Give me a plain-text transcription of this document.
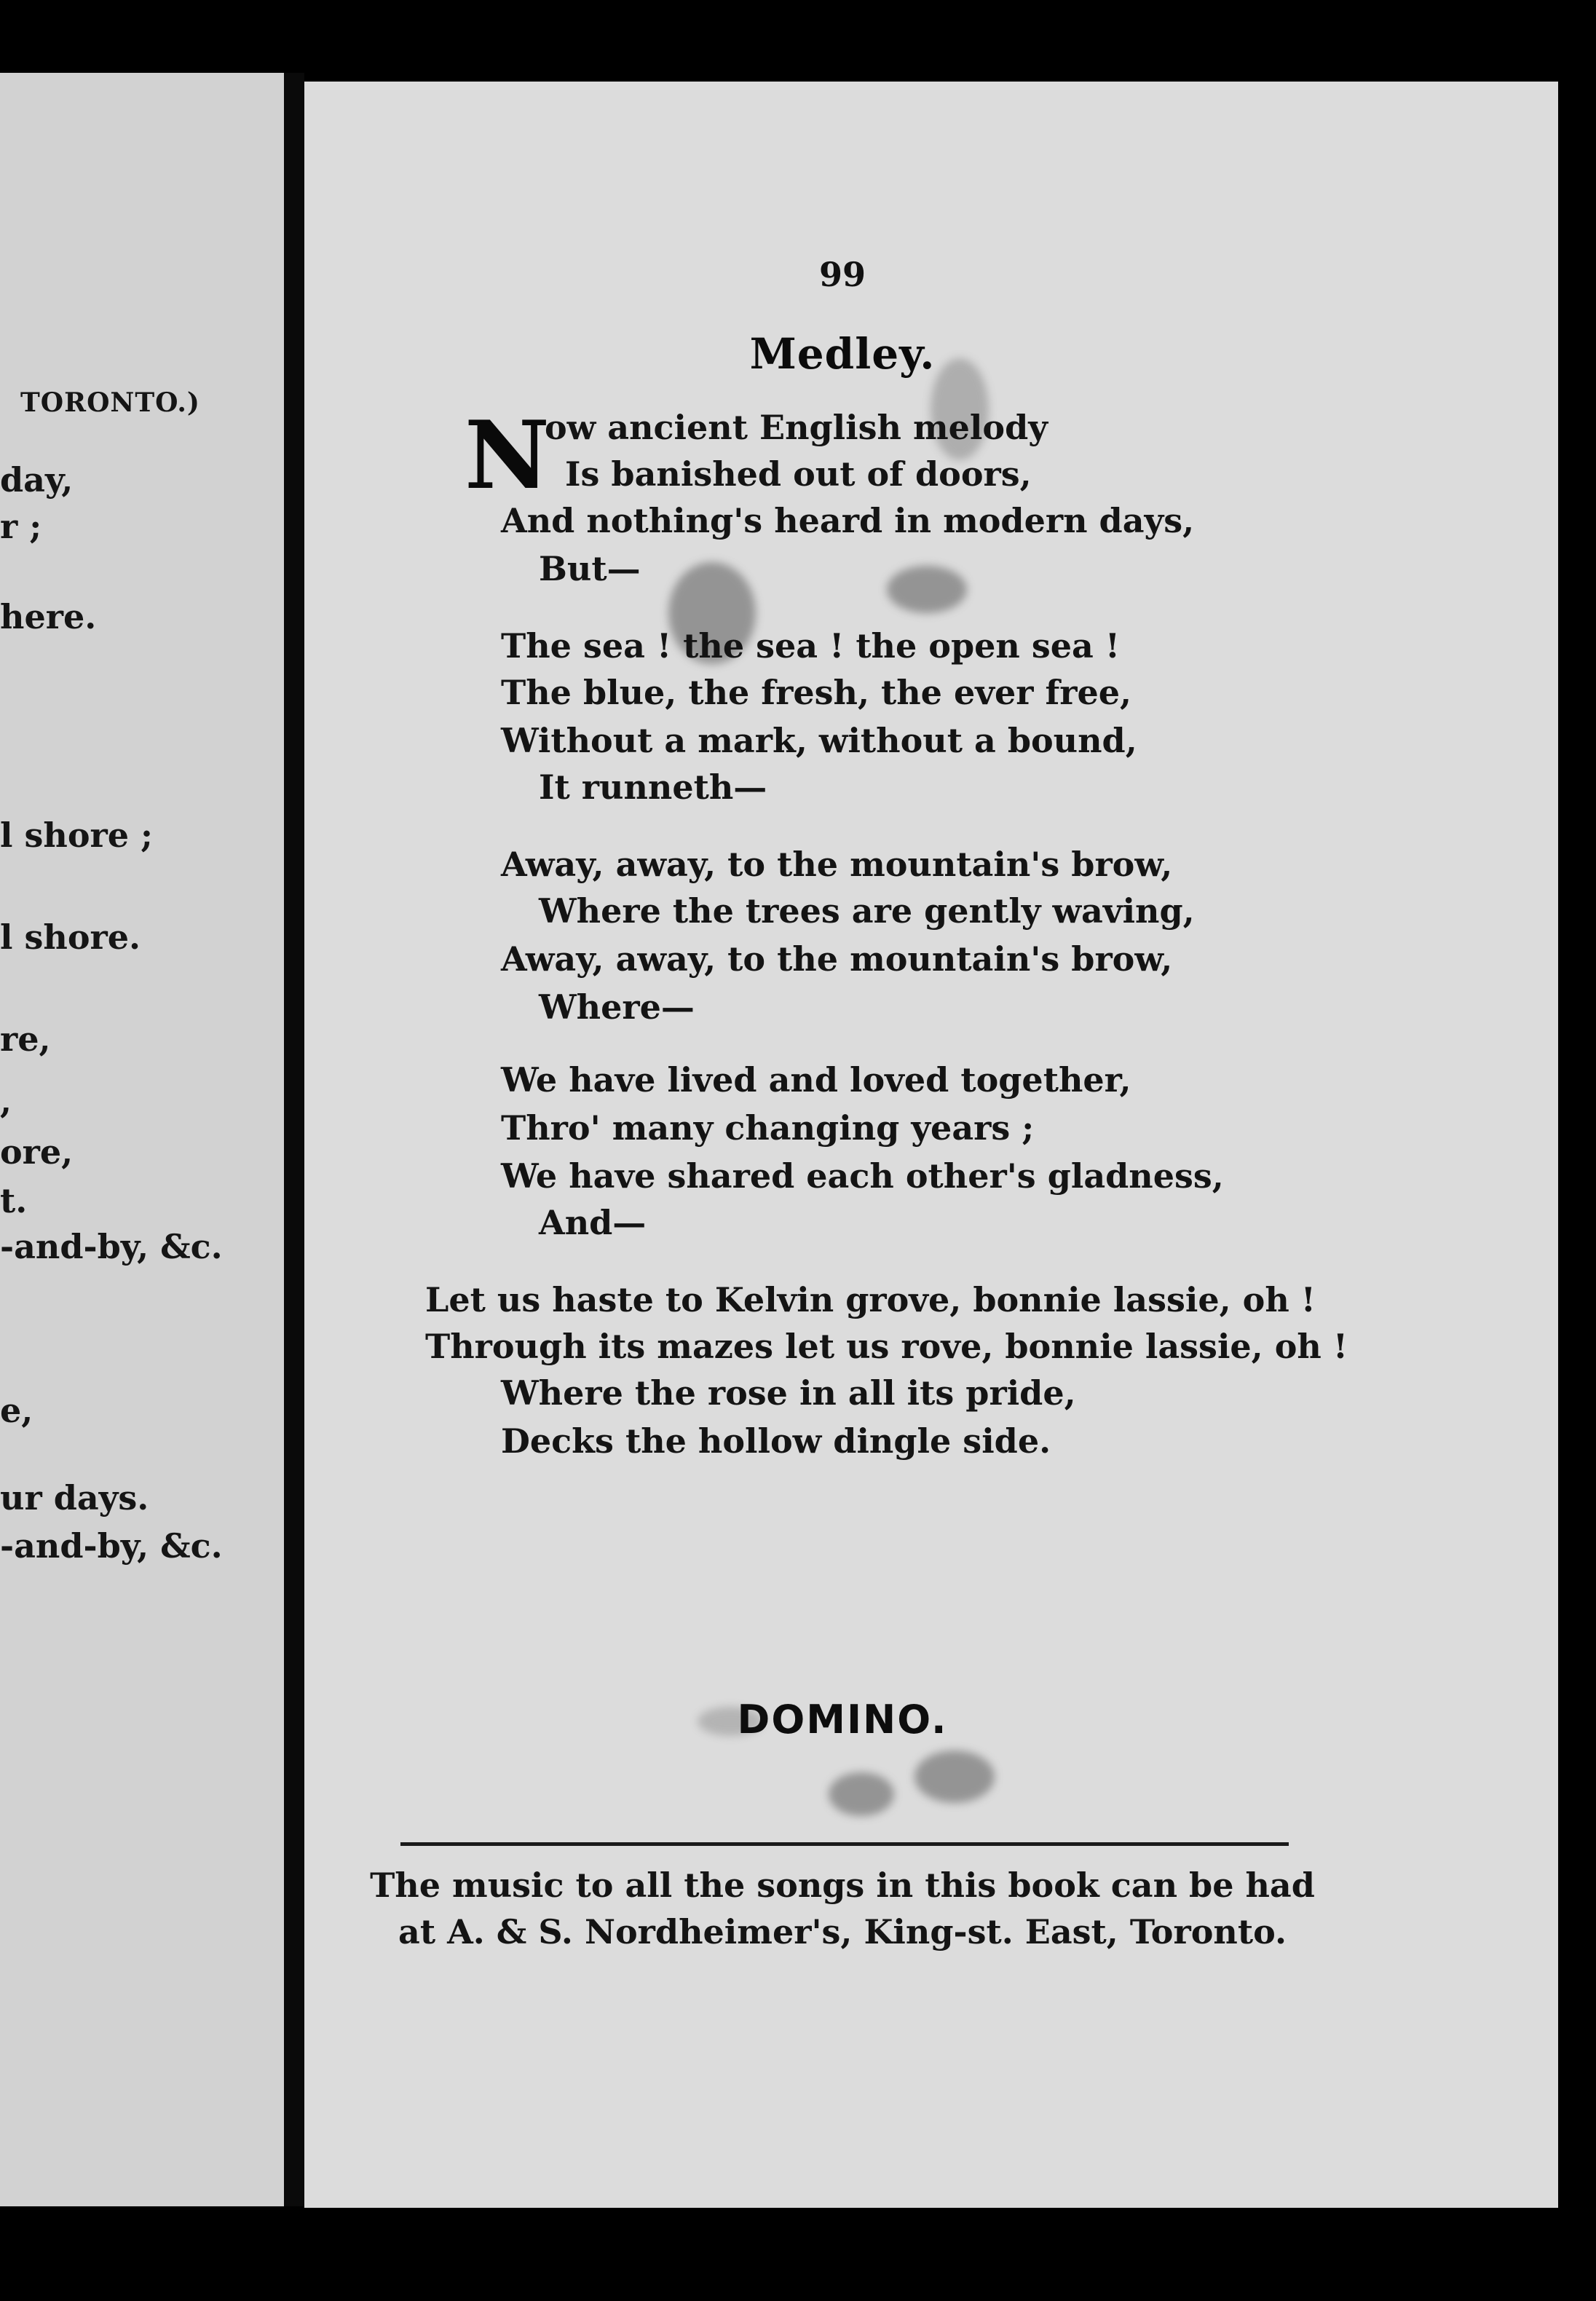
TORONTO.)
day,
r ;
here.
l shore ;
l shore.
re,
,
ore,
t.
-and-by, &c.
e,
ur days.
-and-by, &c.
99
Medley.
N
ow ancient English melody
Is banished out of doors,
And nothing's heard in modern days,
But—
The sea ! the sea ! the open sea !
The blue, the fresh, the ever free,
Without a mark, without a bound,
It runneth—
Away, away, to the mountain's brow,
Where the trees are gently waving,
Away, away, to the mountain's brow,
Where—
We have lived and loved together,
Thro' many changing years ;
We have shared each other's gladness,
And—
Let us haste to Kelvin grove, bonnie lassie, oh !
Through its mazes let us rove, bonnie lassie, oh !
Where the rose in all its pride,
Decks the hollow dingle side.
DOMINO.
The music to all the songs in this book can be had
at A. & S. Nordheimer's, King-st. East, Toronto.
